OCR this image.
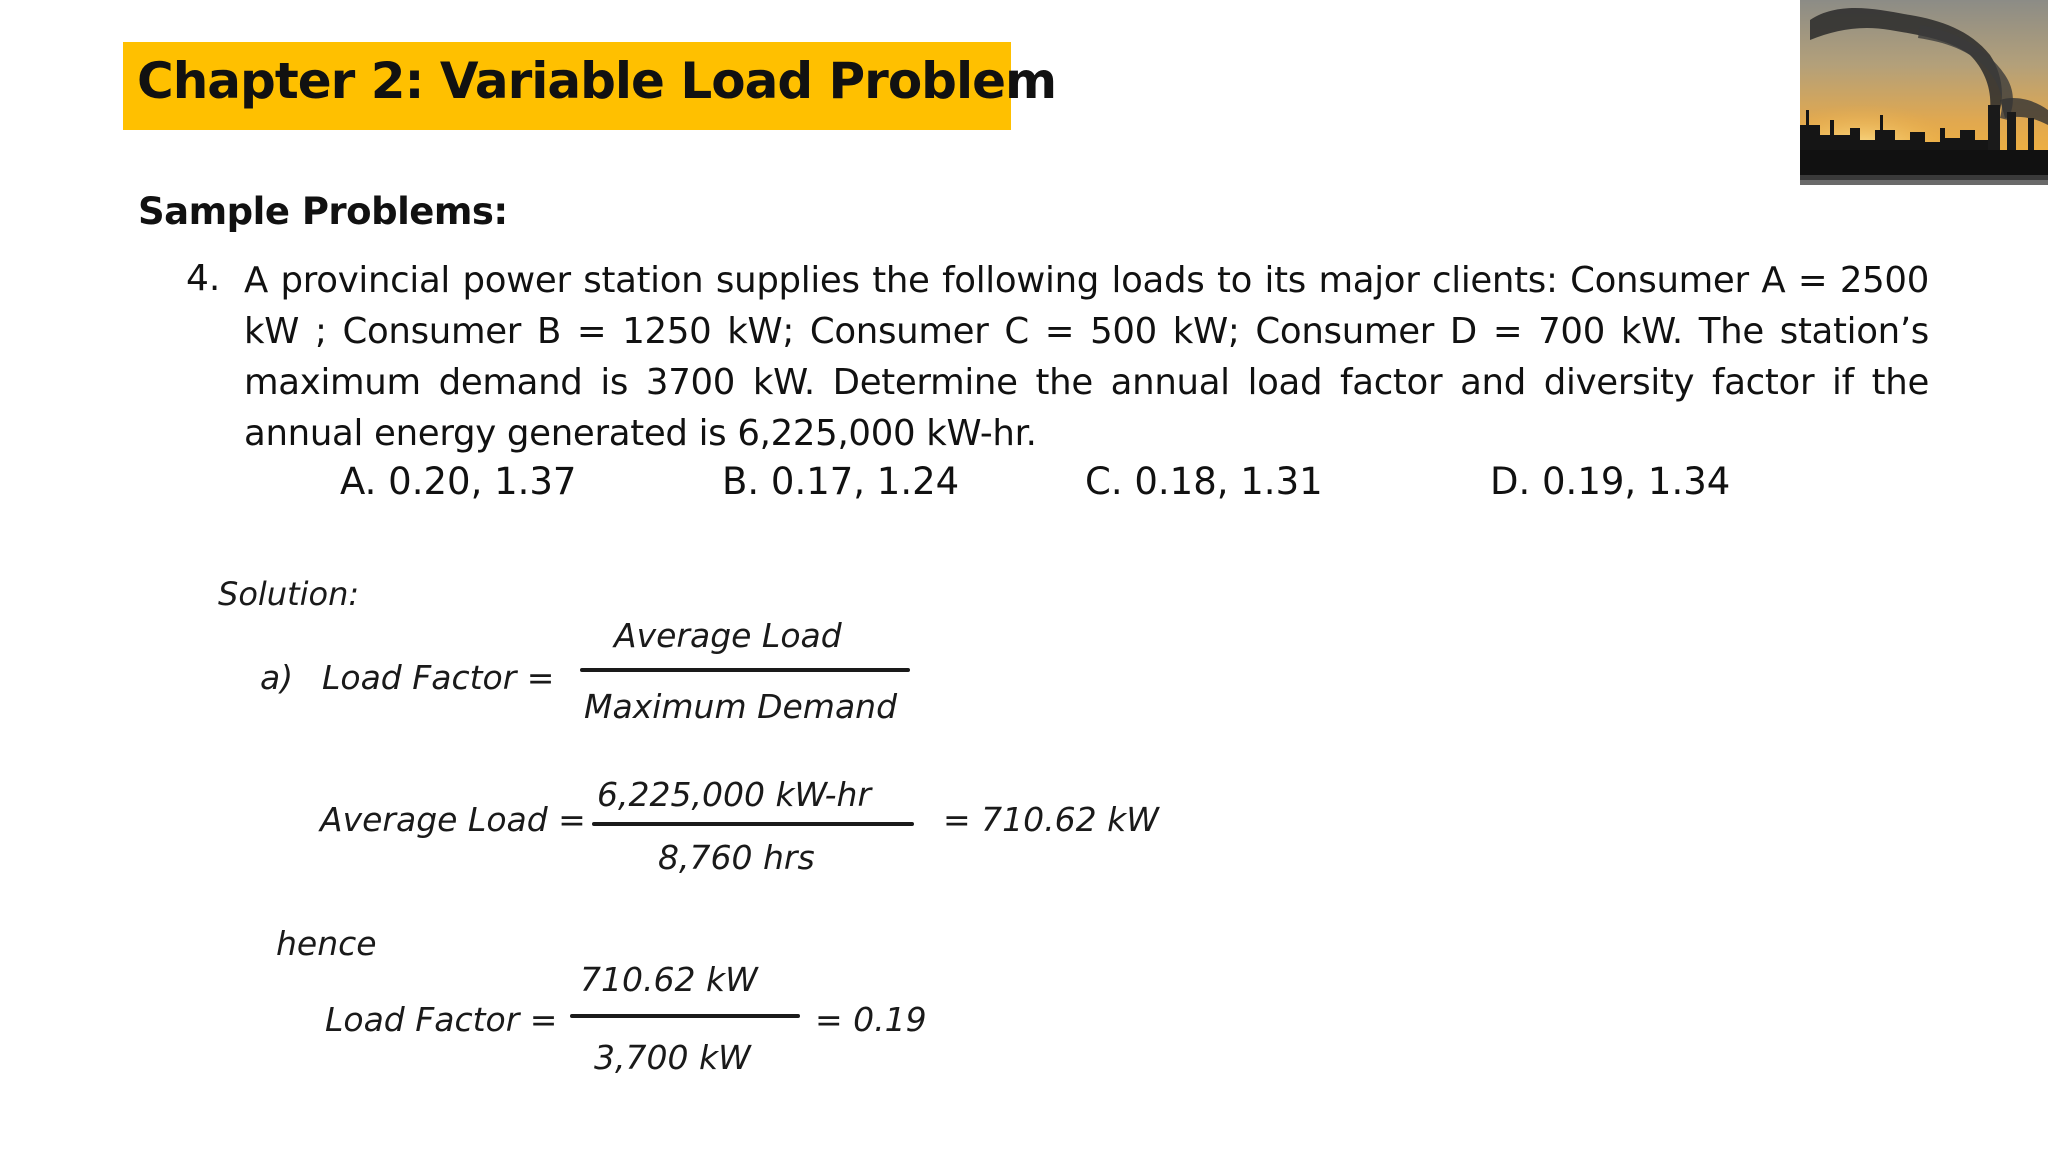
Chapter 2: Variable Load Problem
Sample Problems:
4. A provincial power station supplies the following loads to its major clients: Consumer A = 2500 kW ; Consumer B = 1250 kW; Consumer C = 500 kW; Consumer D = 700 kW. The station’s maximum demand is 3700 kW. Determine the annual load factor and diversity factor if the annual energy generated is 6,225,000 kW-hr.
A. 0.20, 1.37	B. 0.17, 1.24	C. 0.18, 1.31	D. 0.19, 1.34
Solution:
a) Load Factor =
Average Load
Maximum Demand
Average Load =
6,225,000 kW-hr
8,760 hrs
= 710.62 kW
hence
Load Factor =
710.62 kW
3,700 kW
= 0.19
